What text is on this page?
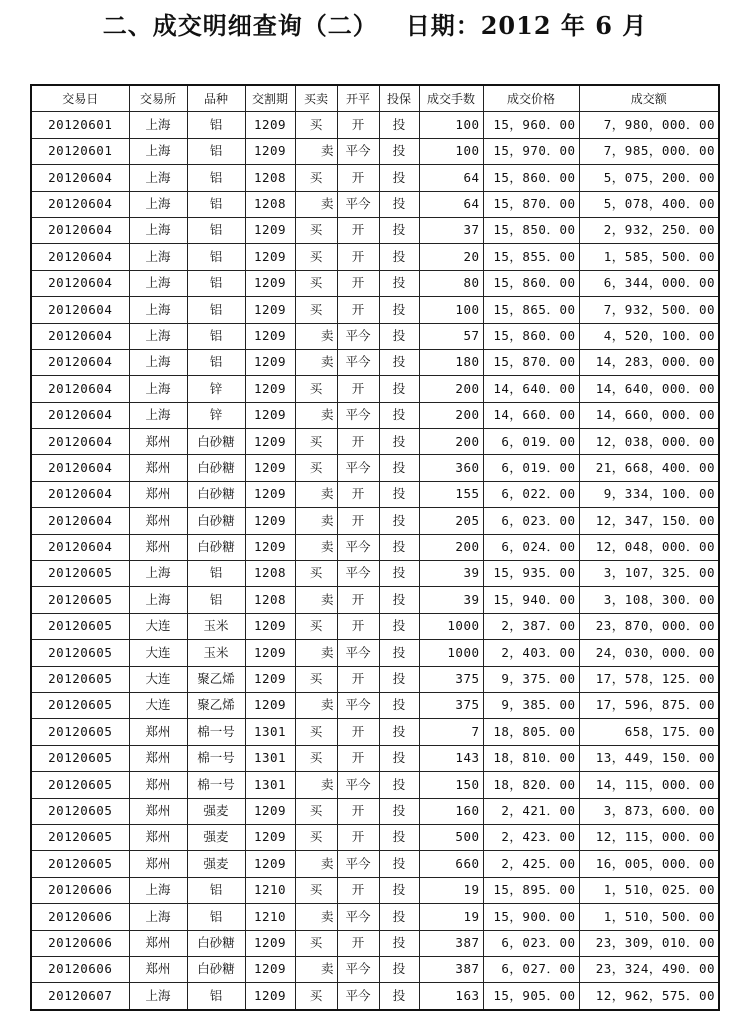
二、成交明细查询（二） 日期：2012 年 6 月
交易日	交易所	品种	交割期	买卖	开平	投保	成交手数	成交价格	成交额
20120601	上海	铝	1209	买	开	投	100	15，960．00	7，980，000．00
20120601	上海	铝	1209	卖	平今	投	100	15，970．00	7，985，000．00
20120604	上海	铝	1208	买	开	投	64	15，860．00	5，075，200．00
20120604	上海	铝	1208	卖	平今	投	64	15，870．00	5，078，400．00
20120604	上海	铝	1209	买	开	投	37	15，850．00	2，932，250．00
20120604	上海	铝	1209	买	开	投	20	15，855．00	1，585，500．00
20120604	上海	铝	1209	买	开	投	80	15，860．00	6，344，000．00
20120604	上海	铝	1209	买	开	投	100	15，865．00	7，932，500．00
20120604	上海	铝	1209	卖	平今	投	57	15，860．00	4，520，100．00
20120604	上海	铝	1209	卖	平今	投	180	15，870．00	14，283，000．00
20120604	上海	锌	1209	买	开	投	200	14，640．00	14，640，000．00
20120604	上海	锌	1209	卖	平今	投	200	14，660．00	14，660，000．00
20120604	郑州	白砂糖	1209	买	开	投	200	6，019．00	12，038，000．00
20120604	郑州	白砂糖	1209	买	平今	投	360	6，019．00	21，668，400．00
20120604	郑州	白砂糖	1209	卖	开	投	155	6，022．00	9，334，100．00
20120604	郑州	白砂糖	1209	卖	开	投	205	6，023．00	12，347，150．00
20120604	郑州	白砂糖	1209	卖	平今	投	200	6，024．00	12，048，000．00
20120605	上海	铝	1208	买	平今	投	39	15，935．00	3，107，325．00
20120605	上海	铝	1208	卖	开	投	39	15，940．00	3，108，300．00
20120605	大连	玉米	1209	买	开	投	1000	2，387．00	23，870，000．00
20120605	大连	玉米	1209	卖	平今	投	1000	2，403．00	24，030，000．00
20120605	大连	聚乙烯	1209	买	开	投	375	9，375．00	17，578，125．00
20120605	大连	聚乙烯	1209	卖	平今	投	375	9，385．00	17，596，875．00
20120605	郑州	棉一号	1301	买	开	投	7	18，805．00	658，175．00
20120605	郑州	棉一号	1301	买	开	投	143	18，810．00	13，449，150．00
20120605	郑州	棉一号	1301	卖	平今	投	150	18，820．00	14，115，000．00
20120605	郑州	强麦	1209	买	开	投	160	2，421．00	3，873，600．00
20120605	郑州	强麦	1209	买	开	投	500	2，423．00	12，115，000．00
20120605	郑州	强麦	1209	卖	平今	投	660	2，425．00	16，005，000．00
20120606	上海	铝	1210	买	开	投	19	15，895．00	1，510，025．00
20120606	上海	铝	1210	卖	平今	投	19	15，900．00	1，510，500．00
20120606	郑州	白砂糖	1209	买	开	投	387	6，023．00	23，309，010．00
20120606	郑州	白砂糖	1209	卖	平今	投	387	6，027．00	23，324，490．00
20120607	上海	铝	1209	买	平今	投	163	15，905．00	12，962，575．00
